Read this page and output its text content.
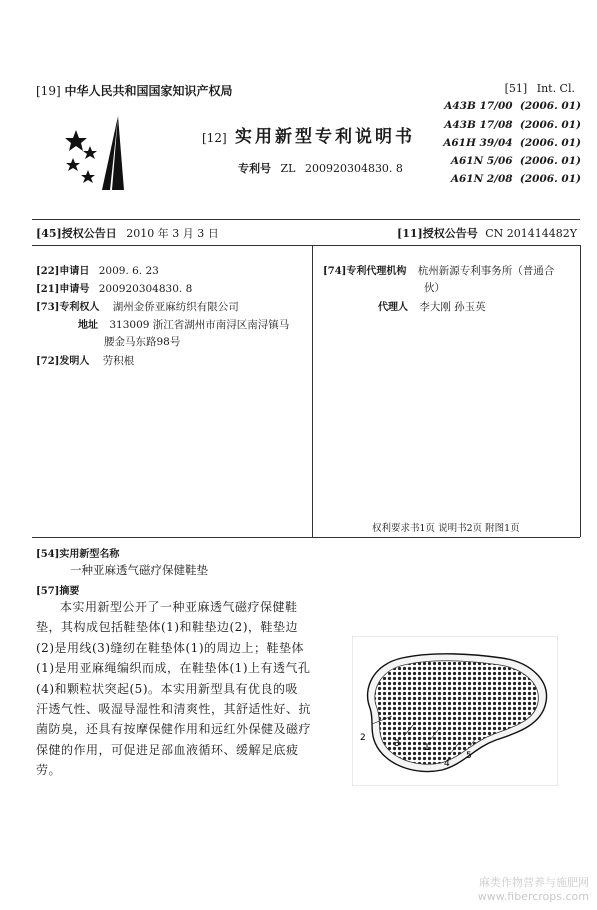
[19] 中华人民共和国国家知识产权局
[12] 实用新型专利说明书
专利号 ZL 200920304830. 8
[51] Int. Cl.
A43B 17/00 (2006. 01)
A43B 17/08 (2006. 01)
A61H 39/04 (2006. 01)
A61N 5/06 (2006. 01)
A61N 2/08 (2006. 01)
[45]授权公告日 2010 年 3 月 3 日	[11]授权公告号 CN 201414482Y
[22]申请日 2009. 6. 23
[21]申请号 200920304830. 8
[73]专利权人 湖州金侨亚麻纺织有限公司
地址 313009 浙江省湖州市南浔区南浔镇马
腰金马东路98号
[72]发明人 劳积根
[74]专利代理机构 杭州新源专利事务所（普通合
伙）
代理人 李大刚 孙玉英
权利要求书1页 说明书2页 附图1页
[54]实用新型名称
一种亚麻透气磁疗保健鞋垫
[57]摘要
本实用新型公开了一种亚麻透气磁疗保健鞋
垫，其构成包括鞋垫体(1)和鞋垫边(2)，鞋垫边
(2)是用线(3)缝纫在鞋垫体(1)的周边上；鞋垫体
(1)是用亚麻绳编织而成，在鞋垫体(1)上有透气孔
(4)和颗粒状突起(5)。本实用新型具有优良的吸
汗透气性、吸湿导湿性和清爽性，其舒适性好、抗
菌防臭，还具有按摩保健作用和远红外保健及磁疗
保健的作用，可促进足部血液循环、缓解足底疲
劳。
2
3	1
4
5
麻类作物营养与施肥网
www.fibercrops.com
